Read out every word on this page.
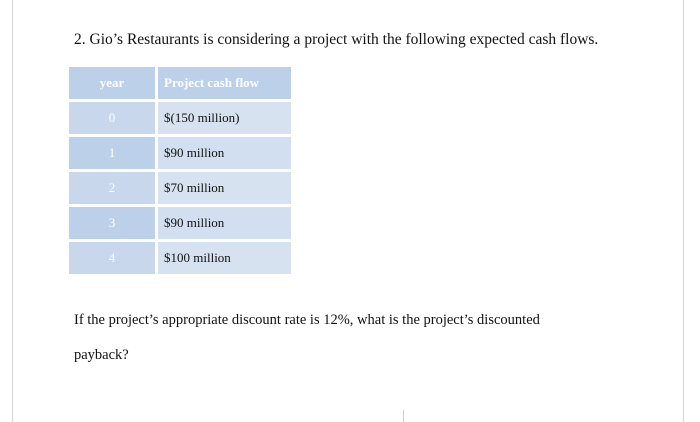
2. Gio’s Restaurants is considering a project with the following expected cash flows.
year	Project cash flow
0	$(150 million)
1	$90 million
2	$70 million
3	$90 million
4	$100 million
If the project’s appropriate discount rate is 12%, what is the project’s discounted
payback?
